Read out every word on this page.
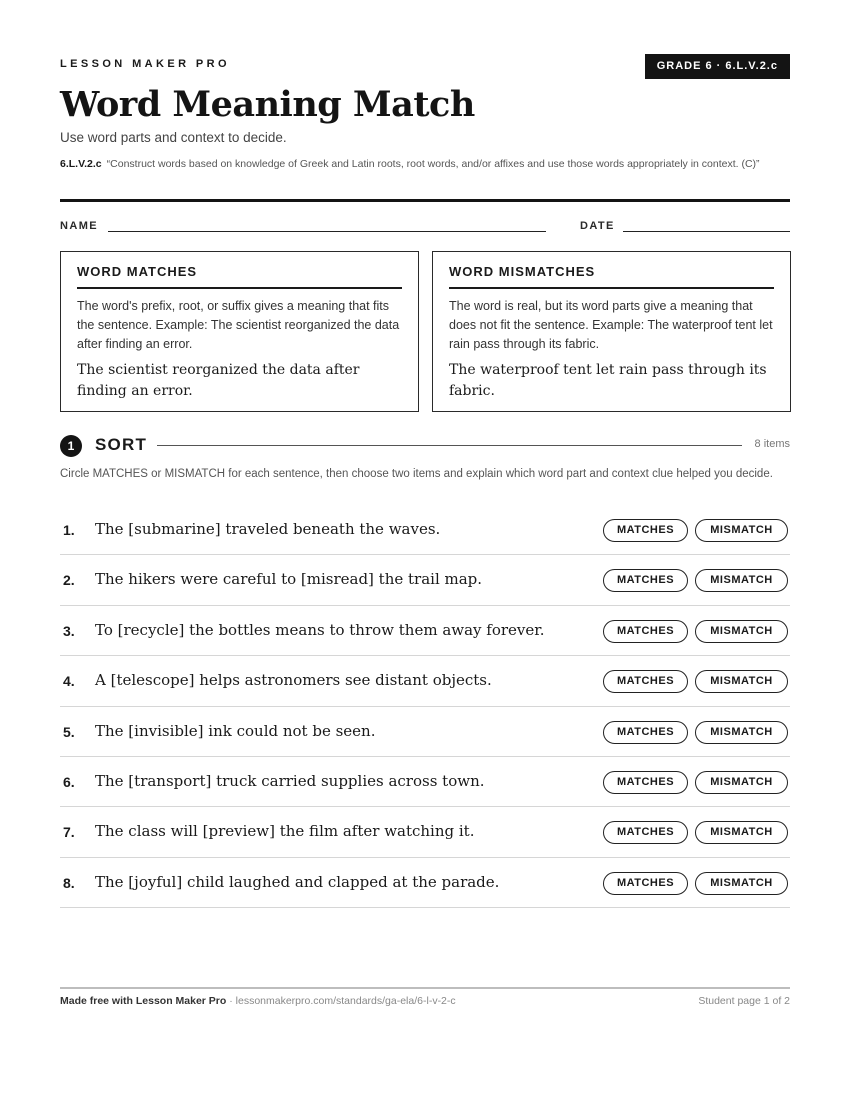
LESSON MAKER PRO	GRADE 6 · 6.L.V.2.c
Word Meaning Match
Use word parts and context to decide.
6.L.V.2.c “Construct words based on knowledge of Greek and Latin roots, root words, and/or affixes and use those words appropriately in context. (C)”
NAME	DATE
WORD MATCHES
The word's prefix, root, or suffix gives a meaning that fits the sentence. Example: The scientist reorganized the data after finding an error.
The scientist reorganized the data after finding an error.
WORD MISMATCHES
The word is real, but its word parts give a meaning that does not fit the sentence. Example: The waterproof tent let rain pass through its fabric.
The waterproof tent let rain pass through its fabric.
1	SORT	8 items
Circle MATCHES or MISMATCH for each sentence, then choose two items and explain which word part and context clue helped you decide.
1. The [submarine] traveled beneath the waves.	MATCHES	MISMATCH
2. The hikers were careful to [misread] the trail map.	MATCHES	MISMATCH
3. To [recycle] the bottles means to throw them away forever.	MATCHES	MISMATCH
4. A [telescope] helps astronomers see distant objects.	MATCHES	MISMATCH
5. The [invisible] ink could not be seen.	MATCHES	MISMATCH
6. The [transport] truck carried supplies across town.	MATCHES	MISMATCH
7. The class will [preview] the film after watching it.	MATCHES	MISMATCH
8. The [joyful] child laughed and clapped at the parade.	MATCHES	MISMATCH
Made free with Lesson Maker Pro · lessonmakerpro.com/standards/ga-ela/6-l-v-2-c	Student page 1 of 2
